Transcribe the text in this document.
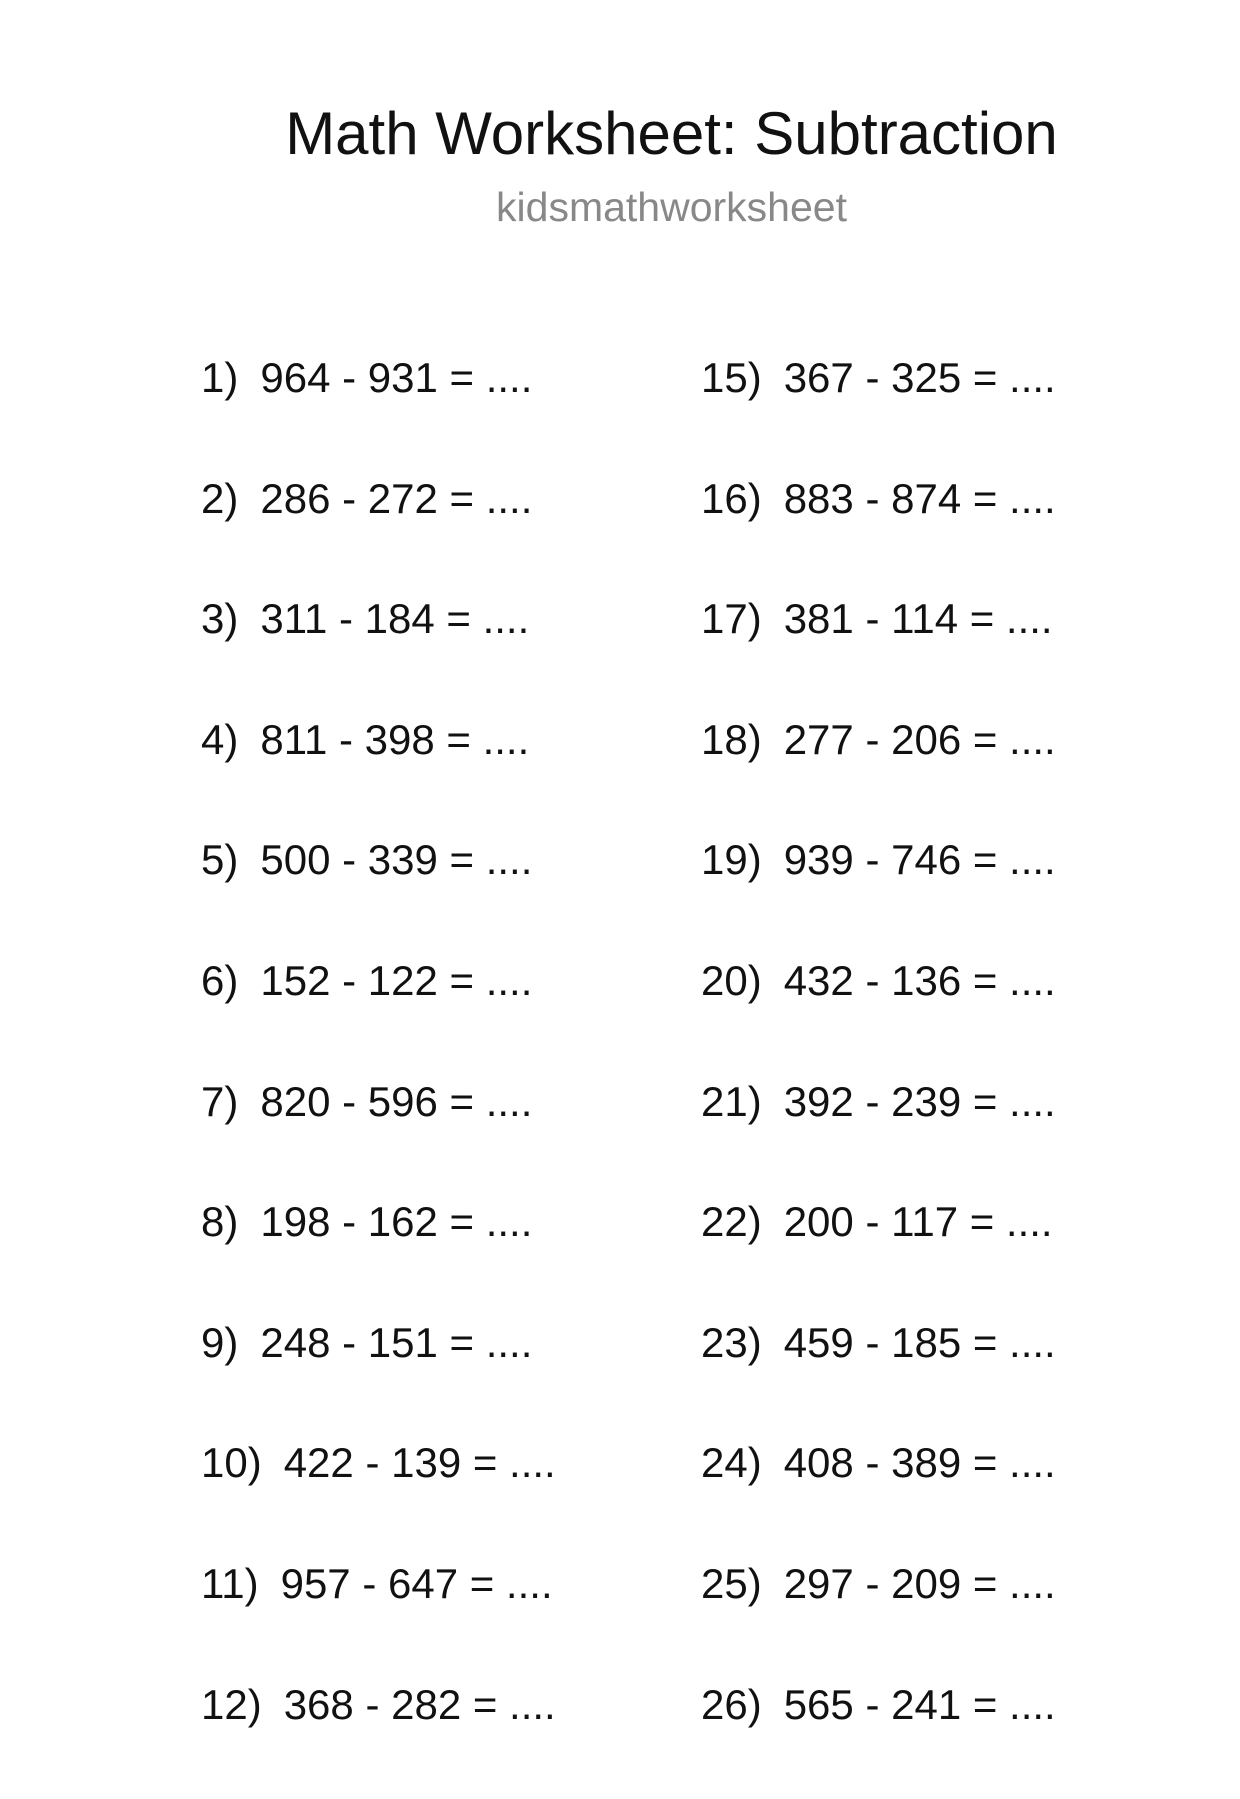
Math Worksheet: Subtraction
kidsmathworksheet
1) 964 - 931 = ....
2) 286 - 272 = ....
3) 311 - 184 = ....
4) 811 - 398 = ....
5) 500 - 339 = ....
6) 152 - 122 = ....
7) 820 - 596 = ....
8) 198 - 162 = ....
9) 248 - 151 = ....
10) 422 - 139 = ....
11) 957 - 647 = ....
12) 368 - 282 = ....
15) 367 - 325 = ....
16) 883 - 874 = ....
17) 381 - 114 = ....
18) 277 - 206 = ....
19) 939 - 746 = ....
20) 432 - 136 = ....
21) 392 - 239 = ....
22) 200 - 117 = ....
23) 459 - 185 = ....
24) 408 - 389 = ....
25) 297 - 209 = ....
26) 565 - 241 = ....
